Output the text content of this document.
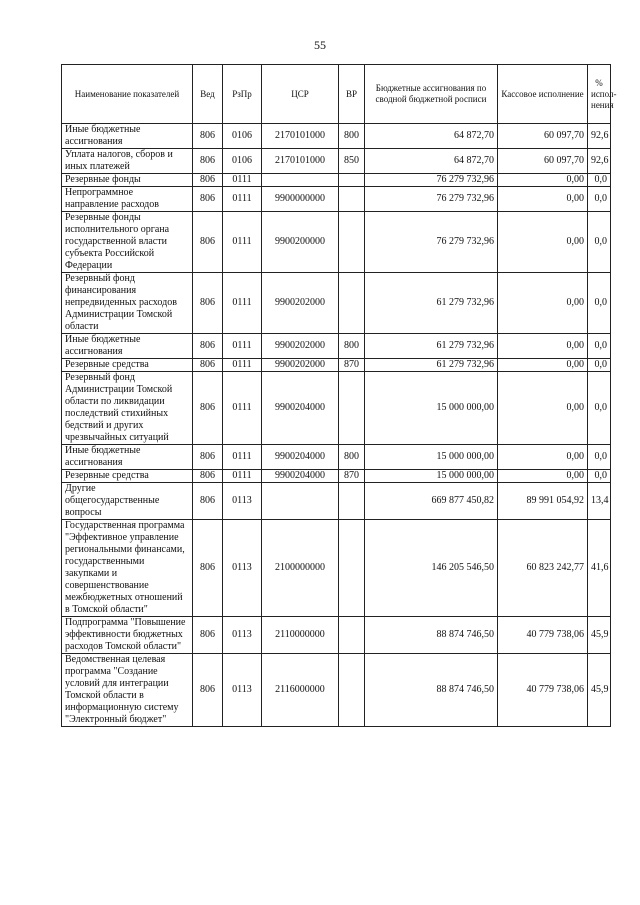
55
Наименование показателей	Вед	РзПр	ЦСР	ВР	Бюджетные ассигнования по сводной бюджетной росписи	Кассовое исполнение	% испол-нения
Иные бюджетные ассигнования	806	0106	2170101000	800	64 872,70	60 097,70	92,6
Уплата налогов, сборов и иных платежей	806	0106	2170101000	850	64 872,70	60 097,70	92,6
Резервные фонды	806	0111			76 279 732,96	0,00	0,0
Непрограммное направление расходов	806	0111	9900000000		76 279 732,96	0,00	0,0
Резервные фонды исполнительного органа государственной власти субъекта Российской Федерации	806	0111	9900200000		76 279 732,96	0,00	0,0
Резервный фонд финансирования непредвиденных расходов Администрации Томской области	806	0111	9900202000		61 279 732,96	0,00	0,0
Иные бюджетные ассигнования	806	0111	9900202000	800	61 279 732,96	0,00	0,0
Резервные средства	806	0111	9900202000	870	61 279 732,96	0,00	0,0
Резервный фонд Администрации Томской области по ликвидации последствий стихийных бедствий и других чрезвычайных ситуаций	806	0111	9900204000		15 000 000,00	0,00	0,0
Иные бюджетные ассигнования	806	0111	9900204000	800	15 000 000,00	0,00	0,0
Резервные средства	806	0111	9900204000	870	15 000 000,00	0,00	0,0
Другие общегосударственные вопросы	806	0113			669 877 450,82	89 991 054,92	13,4
Государственная программа "Эффективное управление региональными финансами, государственными закупками и совершенствование межбюджетных отношений в Томской области"	806	0113	2100000000		146 205 546,50	60 823 242,77	41,6
Подпрограмма "Повышение эффективности бюджетных расходов Томской области"	806	0113	2110000000		88 874 746,50	40 779 738,06	45,9
Ведомственная целевая программа "Создание условий для интеграции Томской области в информационную систему "Электронный бюджет"	806	0113	2116000000		88 874 746,50	40 779 738,06	45,9
